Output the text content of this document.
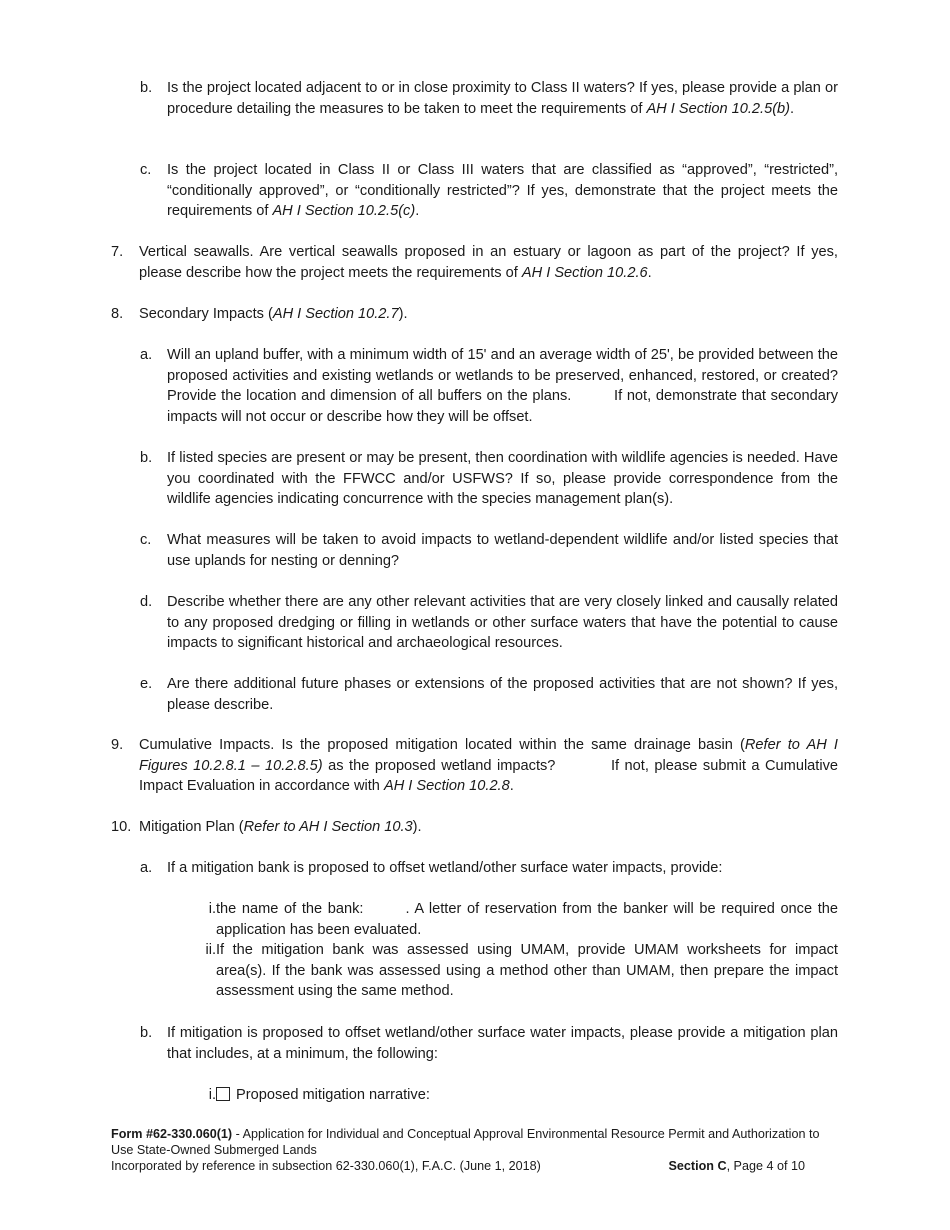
b.	Is the project located adjacent to or in close proximity to Class II waters? If yes, please provide a plan or procedure detailing the measures to be taken to meet the requirements of AH I Section 10.2.5(b).
c.	Is the project located in Class II or Class III waters that are classified as “approved”, “restricted”, “conditionally approved”, or “conditionally restricted”? If yes, demonstrate that the project meets the requirements of AH I Section 10.2.5(c).
7.	Vertical seawalls. Are vertical seawalls proposed in an estuary or lagoon as part of the project? If yes, please describe how the project meets the requirements of AH I Section 10.2.6.
8.	Secondary Impacts (AH I Section 10.2.7).
a.	Will an upland buffer, with a minimum width of 15' and an average width of 25', be provided between the proposed activities and existing wetlands or wetlands to be preserved, enhanced, restored, or created? Provide the location and dimension of all buffers on the plans.	If not, demonstrate that secondary impacts will not occur or describe how they will be offset.
b.	If listed species are present or may be present, then coordination with wildlife agencies is needed. Have you coordinated with the FFWCC and/or USFWS? If so, please provide correspondence from the wildlife agencies indicating concurrence with the species management plan(s).
c.	What measures will be taken to avoid impacts to wetland-dependent wildlife and/or listed species that use uplands for nesting or denning?
d.	Describe whether there are any other relevant activities that are very closely linked and causally related to any proposed dredging or filling in wetlands or other surface waters that have the potential to cause impacts to significant historical and archaeological resources.
e.	Are there additional future phases or extensions of the proposed activities that are not shown? If yes, please describe.
9.	Cumulative Impacts. Is the proposed mitigation located within the same drainage basin (Refer to AH I Figures 10.2.8.1 – 10.2.8.5) as the proposed wetland impacts?	If not, please submit a Cumulative Impact Evaluation in accordance with AH I Section 10.2.8.
10. Mitigation Plan (Refer to AH I Section 10.3).
a.	If a mitigation bank is proposed to offset wetland/other surface water impacts, provide:
i. the name of the bank:	. A letter of reservation from the banker will be required once the application has been evaluated.
ii. If the mitigation bank was assessed using UMAM, provide UMAM worksheets for impact area(s). If the bank was assessed using a method other than UMAM, then prepare the impact assessment using the same method.
b.	If mitigation is proposed to offset wetland/other surface water impacts, please provide a mitigation plan that includes, at a minimum, the following:
i.	Proposed mitigation narrative:
Form #62-330.060(1) - Application for Individual and Conceptual Approval Environmental Resource Permit and Authorization to Use State-Owned Submerged Lands
Incorporated by reference in subsection 62-330.060(1), F.A.C. (June 1, 2018)	Section C, Page 4 of 10
